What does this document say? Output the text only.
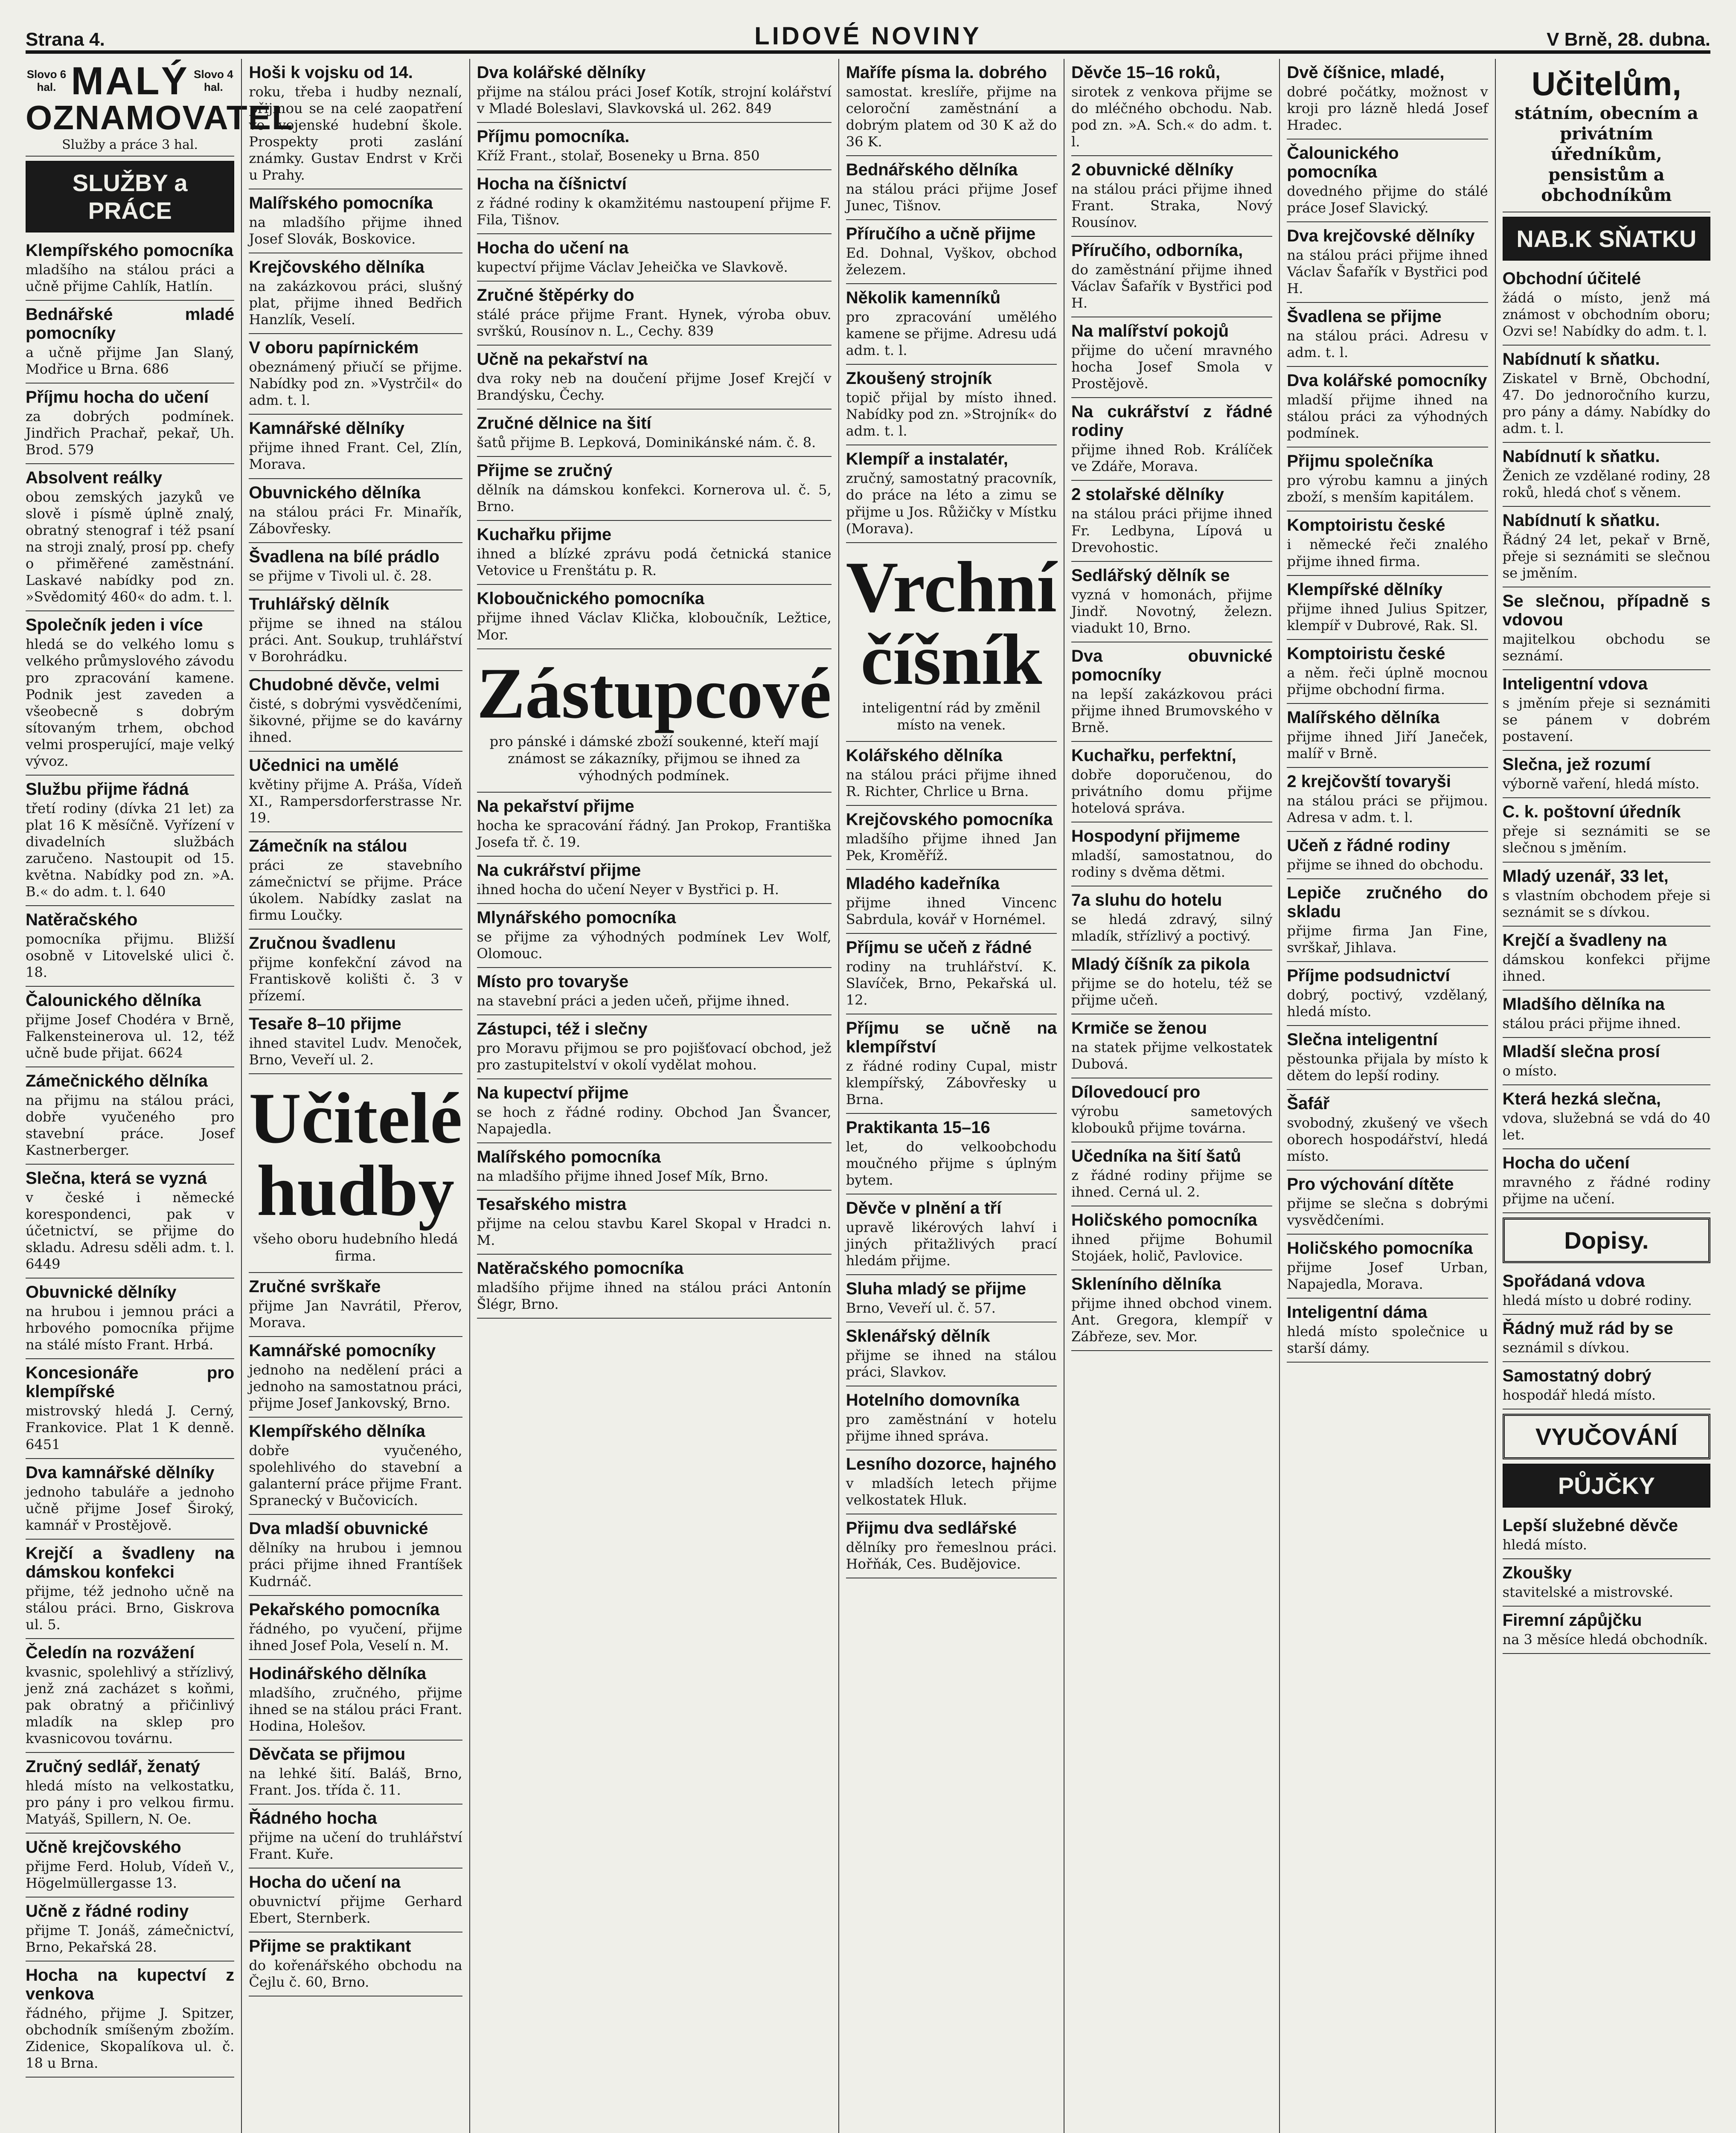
Strana 4.	LIDOVÉ NOVINY	V Brně, 28. dubna.
Slovo 6 hal. MALÝ Slovo 4 hal.
OZNAMOVATEL
Služby a práce 3 hal.
SLUŽBY a PRÁCE
Klempířského pomocníka

mladšího na stálou práci a učně přijme Cahlík, Hatlín.

Bednářské mladé pomocníky

a učně přijme Jan Slaný, Modřice u Brna. 686

Příjmu hocha do učení

za dobrých podmínek. Jindřich Prachař, pekař, Uh. Brod. 579

Absolvent reálky

obou zemských jazyků ve slově i písmě úplně znalý, obratný stenograf i též psaní na stroji znalý, prosí pp. chefy o přiměřené zaměstnání. Laskavé nabídky pod zn. »Svědomitý 460« do adm. t. l.

Společník jeden i více

hledá se do velkého lomu s velkého průmyslového závodu pro zpracování kamene. Podnik jest zaveden a všeobecně s dobrým sítovaným trhem, obchod velmi prosperující, maje velký vývoz.

Službu přijme řádná

třetí rodiny (dívka 21 let) za plat 16 K měsíčně. Vyřízení v divadelních službách zaručeno. Nastoupit od 15. května. Nabídky pod zn. »A. B.« do adm. t. l. 640

Natěračského

pomocníka přijmu. Bližší osobně v Litovelské ulici č. 18.

Čalounického dělníka

přijme Josef Chodéra v Brně, Falkensteinerova ul. 12, též učně bude přijat. 6624

Zámečnického dělníka

na přijmu na stálou práci, dobře vyučeného pro stavební práce. Josef Kastnerberger.

Slečna, která se vyzná

v české i německé korespondenci, pak v účetnictví, se přijme do skladu. Adresu sděli adm. t. l. 6449

Obuvnické dělníky

na hrubou i jemnou práci a hrbového pomocníka přijme na stálé místo Frant. Hrbá.

Koncesionáře pro klempířské

mistrovský hledá J. Cerný, Frankovice. Plat 1 K denně. 6451

Dva kamnářské dělníky

jednoho tabuláře a jednoho učně přijme Josef Široký, kamnář v Prostějově.

Krejčí a švadleny na dámskou konfekci

přijme, též jednoho učně na stálou práci. Brno, Giskrova ul. 5.

Čeledín na rozvážení

kvasnic, spolehlivý a střízlivý, jenž zná zacházet s koňmi, pak obratný a přičinlivý mladík na sklep pro kvasnicovou továrnu.

Zručný sedlář, ženatý

hledá místo na velkostatku, pro pány i pro velkou firmu. Matyáš, Spillern, N. Oe.

Učně krejčovského

přijme Ferd. Holub, Vídeň V., Högelmüllergasse 13.

Učně z řádné rodiny

přijme T. Jonáš, zámečnictví, Brno, Pekařská 28.

Hocha na kupectví z venkova

řádného, přijme J. Spitzer, obchodník smíšeným zbožím. Zidenice, Skopalíkova ul. č. 18 u Brna.

Hoši k vojsku od 14.

roku, třeba i hudby neznalí, přijmou se na celé zaopatření ve vojenské hudební škole. Prospekty proti zaslání známky. Gustav Endrst v Krči u Prahy.

Malířského pomocníka

na mladšího přijme ihned Josef Slovák, Boskovice.

Krejčovského dělníka

na zakázkovou práci, slušný plat, přijme ihned Bedřich Hanzlík, Veselí.

V oboru papírnickém

obeznámený přiučí se přijme. Nabídky pod zn. »Vystrčil« do adm. t. l.

Kamnářské dělníky

přijme ihned Frant. Cel, Zlín, Morava.

Obuvnického dělníka

na stálou práci Fr. Minařík, Zábovřesky.

Švadlena na bílé prádlo

se přijme v Tivoli ul. č. 28.

Truhlářský dělník

přijme se ihned na stálou práci. Ant. Soukup, truhlářství v Borohrádku.

Chudobné děvče, velmi

čisté, s dobrými vysvědčeními, šikovné, přijme se do kavárny ihned.

Učednici na umělé

květiny přijme A. Práša, Vídeň XI., Rampersdorferstrasse Nr. 19.

Zámečník na stálou

práci ze stavebního zámečnictví se přijme. Práce úkolem. Nabídky zaslat na firmu Loučky.

Zručnou švadlenu

přijme konfekční závod na Frantiskově kolišti č. 3 v přízemí.

Tesaře 8–10 přijme

ihned stavitel Ludv. Menoček, Brno, Veveří ul. 2.

Učitelé hudby
všeho oboru hudebního hledá firma.
Zručné svrškaře

přijme Jan Navrátil, Přerov, Morava.

Kamnářské pomocníky

jednoho na nedělení práci a jednoho na samostatnou práci, přijme Josef Jankovský, Brno.

Klempířského dělníka

dobře vyučeného, spolehlivého do stavební a galanterní práce přijme Frant. Spranecký v Bučovicích.

Dva mladší obuvnické

dělníky na hrubou i jemnou práci přijme ihned Frantíšek Kudrnáč.

Pekařského pomocníka

řádného, po vyučení, přijme ihned Josef Pola, Veselí n. M.

Hodinářského dělníka

mladšího, zručného, přijme ihned se na stálou práci Frant. Hodina, Holešov.

Děvčata se přijmou

na lehké šití. Baláš, Brno, Frant. Jos. třída č. 11.

Řádného hocha

přijme na učení do truhlářství Frant. Kuře.

Hocha do učení na

obuvnictví přijme Gerhard Ebert, Sternberk.

Přijme se praktikant

do kořenářského obchodu na Čejlu č. 60, Brno.

Dva kolářské dělníky

přijme na stálou práci Josef Kotík, strojní kolářství v Mladé Boleslavi, Slavkovská ul. 262. 849

Příjmu pomocníka.

Kříž Frant., stolař, Boseneky u Brna. 850

Hocha na číšnictví

z řádné rodiny k okamžitému nastoupení přijme F. Fila, Tišnov.

Hocha do učení na

kupectví přijme Václav Jeheička ve Slavkově.

Zručné štěpérky do

stálé práce přijme Frant. Hynek, výroba obuv. svrškú, Rousínov n. L., Cechy. 839

Učně na pekařství na

dva roky neb na doučení přijme Josef Krejčí v Brandýsku, Čechy.

Zručné dělnice na šití

šatů přijme B. Lepková, Dominikánské nám. č. 8.

Přijme se zručný

dělník na dámskou konfekci. Kornerova ul. č. 5, Brno.

Kuchařku přijme

ihned a blízké zprávu podá četnická stanice Vetovice u Frenštátu p. R.

Kloboučnického pomocníka

přijme ihned Václav Klička, kloboučník, Ležtice, Mor.

Zástupcové
pro pánské i dámské zboží soukenné, kteří mají známost se zákazníky, přijmou se ihned za výhodných podmínek.
Na pekařství přijme

hocha ke spracování řádný. Jan Prokop, Františka Josefa tř. č. 19.

Na cukrářství přijme

ihned hocha do učení Neyer v Bystřici p. H.

Mlynářského pomocníka

se přijme za výhodných podmínek Lev Wolf, Olomouc.

Místo pro tovaryše

na stavební práci a jeden učeň, přijme ihned.

Zástupci, též i slečny

pro Moravu přijmou se pro pojišťovací obchod, jež pro zastupitelství v okolí vydělat mohou.

Na kupectví přijme

se hoch z řádné rodiny. Obchod Jan Švancer, Napajedla.

Malířského pomocníka

na mladšího přijme ihned Josef Mík, Brno.

Tesařského mistra

přijme na celou stavbu Karel Skopal v Hradci n. M.

Natěračského pomocníka

mladšího přijme ihned na stálou práci Antonín Šlégr, Brno.

Mařífe písma la. dobrého

samostat. kreslíře, přijme na celoroční zaměstnání a dobrým platem od 30 K až do 36 K.

Bednářského dělníka

na stálou práci přijme Josef Junec, Tišnov.

Příručího a učně přijme

Ed. Dohnal, Vyškov, obchod železem.

Několik kamenníků

pro zpracování umělého kamene se přijme. Adresu udá adm. t. l.

Zkoušený strojník

topič přijal by místo ihned. Nabídky pod zn. »Strojník« do adm. t. l.

Klempíř a instalatér,

zručný, samostatný pracovník, do práce na léto a zimu se přijme u Jos. Růžičky v Místku (Morava).

Vrchní číšník
inteligentní rád by změnil místo na venek.
Kolářského dělníka

na stálou práci přijme ihned R. Richter, Chrlice u Brna.

Krejčovského pomocníka

mladšího přijme ihned Jan Pek, Kroměříž.

Mladého kadeřníka

přijme ihned Vincenc Sabrdula, kovář v Hornémel.

Příjmu se učeň z řádné

rodiny na truhlářství. K. Slavíček, Brno, Pekařská ul. 12.

Příjmu se učně na klempířství

z řádné rodiny Cupal, mistr klempířský, Zábovřesky u Brna.

Praktikanta 15–16

let, do velkoobchodu moučného přijme s úplným bytem.

Děvče v plnění a tří

upravě likérových lahví i jiných přitažlivých prací hledám přijme.

Sluha mladý se přijme

Brno, Veveří ul. č. 57.

Sklenářský dělník

přijme se ihned na stálou práci, Slavkov.

Hotelního domovníka

pro zaměstnání v hotelu přijme ihned správa.

Lesního dozorce, hajného

v mladších letech přijme velkostatek Hluk.

Přijmu dva sedlářské

dělníky pro řemeslnou práci. Hořňák, Ces. Budějovice.

Děvče 15–16 roků,

sirotek z venkova přijme se do mléčného obchodu. Nab. pod zn. »A. Sch.« do adm. t. l.

2 obuvnické dělníky

na stálou práci přijme ihned Frant. Straka, Nový Rousínov.

Příručího, odborníka,

do zaměstnání přijme ihned Václav Šafařík v Bystřici pod H.

Na malířství pokojů

přijme do učení mravného hocha Josef Smola v Prostějově.

Na cukrářství z řádné rodiny

přijme ihned Rob. Králíček ve Zdáře, Morava.

2 stolařské dělníky

na stálou práci přijme ihned Fr. Ledbyna, Lípová u Drevohostic.

Sedlářský dělník se

vyzná v homonách, přijme Jindř. Novotný, železn. viadukt 10, Brno.

Dva obuvnické pomocníky

na lepší zakázkovou práci přijme ihned Brumovského v Brně.

Kuchařku, perfektní,

dobře doporučenou, do privátního domu přijme hotelová správa.

Hospodyní přijmeme

mladší, samostatnou, do rodiny s dvěma dětmi.

7a sluhu do hotelu

se hledá zdravý, silný mladík, střízlivý a poctivý.

Mladý číšník za pikola

přijme se do hotelu, též se přijme učeň.

Krmiče se ženou

na statek přijme velkostatek Dubová.

Dílovedoucí pro

výrobu sametových klobouků přijme továrna.

Učedníka na šití šatů

z řádné rodiny přijme se ihned. Cerná ul. 2.

Holičského pomocníka

ihned přijme Bohumil Stojáek, holič, Pavlovice.

Skleníního dělníka

přijme ihned obchod vinem. Ant. Gregora, klempíř v Zábřeze, sev. Mor.

Dvě číšnice, mladé,

dobré počátky, možnost v kroji pro lázně hledá Josef Hradec.

Čalounického pomocníka

dovedného přijme do stálé práce Josef Slavický.

Dva krejčovské dělníky

na stálou práci přijme ihned Václav Šafařík v Bystřici pod H.

Švadlena se přijme

na stálou práci. Adresu v adm. t. l.

Dva kolářské pomocníky

mladší přijme ihned na stálou práci za výhodných podmínek.

Přijmu společníka

pro výrobu kamnu a jiných zboží, s menším kapitálem.

Komptoiristu české

i německé řeči znalého přijme ihned firma.

Klempířské dělníky

přijme ihned Julius Spitzer, klempíř v Dubrové, Rak. Sl.

Komptoiristu české

a něm. řeči úplně mocnou přijme obchodní firma.

Malířského dělníka

přijme ihned Jiří Janeček, malíř v Brně.

2 krejčovští tovaryši

na stálou práci se přijmou. Adresa v adm. t. l.

Učeň z řádné rodiny

přijme se ihned do obchodu.

Lepiče zručného do skladu

přijme firma Jan Fine, svrškař, Jihlava.

Příjme podsudnictví

dobrý, poctivý, vzdělaný, hledá místo.

Slečna inteligentní

pěstounka přijala by místo k dětem do lepší rodiny.

Šafář

svobodný, zkušený ve všech oborech hospodářství, hledá místo.

Pro výchování dítěte

přijme se slečna s dobrými vysvědčeními.

Holičského pomocníka

přijme Josef Urban, Napajedla, Morava.

Inteligentní dáma

hledá místo společnice u starší dámy.

Učitelům,
státním, obecním a privátním úředníkům, pensistům a obchodníkům
NAB.K SŇATKU
Obchodní účitelé

žádá o místo, jenž má známost v obchodním oboru; Ozvi se! Nabídky do adm. t. l.

Nabídnutí k sňatku.

Ziskatel v Brně, Obchodní, 47. Do jednoročního kurzu, pro pány a dámy. Nabídky do adm. t. l.

Nabídnutí k sňatku.

Ženich ze vzdělané rodiny, 28 roků, hledá choť s věnem.

Nabídnutí k sňatku.

Řádný 24 let, pekař v Brně, přeje si seznámiti se slečnou se jměním.

Se slečnou, případně s vdovou

majitelkou obchodu se seznámí.

Inteligentní vdova

s jměním přeje si seznámiti se pánem v dobrém postavení.

Slečna, jež rozumí

výborně vaření, hledá místo.

C. k. poštovní úředník

přeje si seznámiti se se slečnou s jměním.

Mladý uzenář, 33 let,

s vlastním obchodem přeje si seznámit se s dívkou.

Krejčí a švadleny na

dámskou konfekci přijme ihned.

Mladšího dělníka na

stálou práci přijme ihned.

Mladší slečna prosí

o místo.

Která hezká slečna,

vdova, služebná se vdá do 40 let.

Hocha do učení

mravného z řádné rodiny přijme na učení.

Dopisy.
Spořádaná vdova

hledá místo u dobré rodiny.

Řádný muž rád by se

seznámil s dívkou.

Samostatný dobrý

hospodář hledá místo.

VYUČOVÁNÍ
PŮJČKY
Lepší služebné děvče

hledá místo.

Zkoušky

stavitelské a mistrovské.

Firemní zápůjčku

na 3 měsíce hledá obchodník.
